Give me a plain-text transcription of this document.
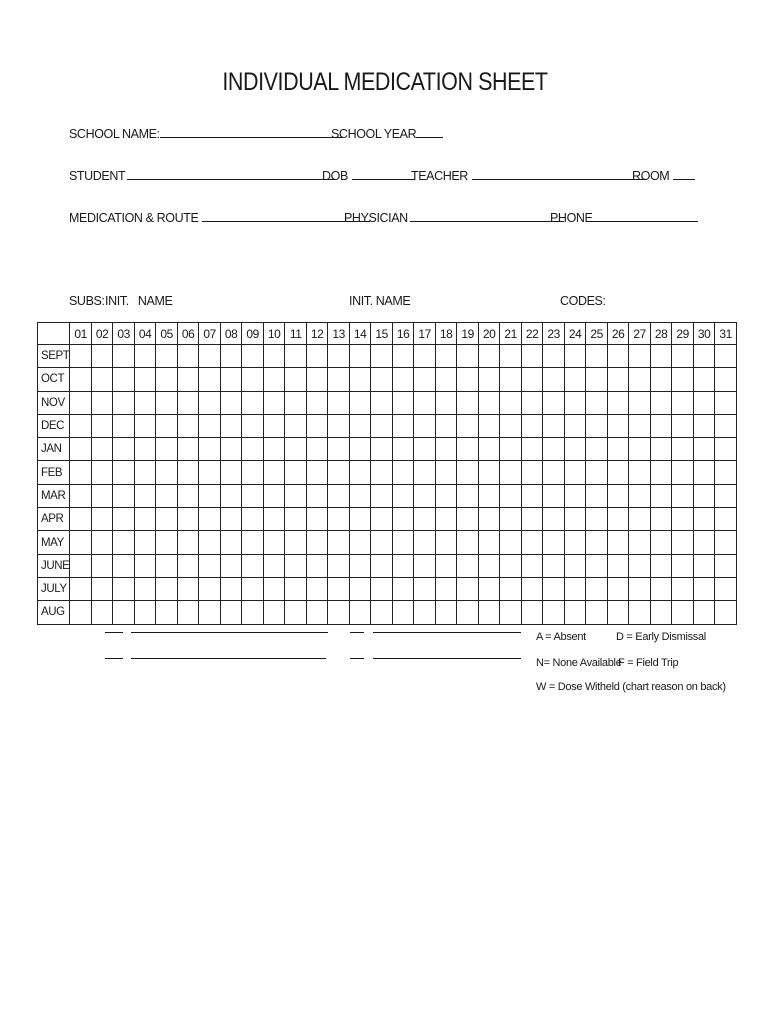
INDIVIDUAL MEDICATION SHEET
SCHOOL NAME:	SCHOOL YEAR
STUDENT	DOB	TEACHER	ROOM
MEDICATION & ROUTE	PHYSICIAN	PHONE
SUBS: INIT.   NAME	INIT. NAME	CODES:
	01	02	03	04	05	06	07	08	09	10	11	12	13	14	15	16	17	18	19	20	21	22	23	24	25	26	27	28	29	30	31
SEPT																															
OCT																															
NOV																															
DEC																															
JAN																															
FEB																															
MAR																															
APR																															
MAY																															
JUNE																															
JULY																															
AUG																															
A = Absent	D = Early Dismissal
N= None Available
F = Field Trip
W = Dose Witheld (chart reason on back)
